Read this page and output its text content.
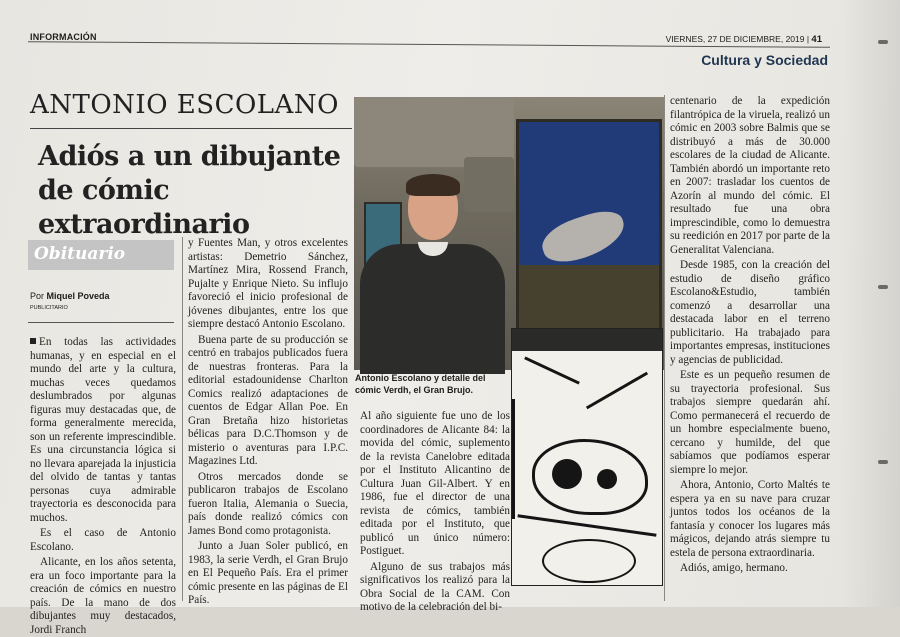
INFORMACIÓN	VIERNES, 27 DE DICIEMBRE, 2019 | 41
Cultura y Sociedad
ANTONIO ESCOLANO
Adiós a un dibujante de cómic extraordinario
Obituario
Por Miquel Poveda
PUBLICITARIO

En todas las actividades humanas, y en especial en el mundo del arte y la cultura, muchas veces quedamos deslumbrados por algunas figuras muy destacadas que, de forma generalmente merecida, son un referente imprescindible. Es una circunstancia lógica si no llevara aparejada la injusticia del olvido de tantas y tantas personas cuya admirable trayectoria es desconocida para muchos.

Es el caso de Antonio Escolano.

Alicante, en los años setenta, era un foco importante para la creación de cómics en nuestro país. De la mano de dos dibujantes muy destacados, Jordi Franch

y Fuentes Man, y otros excelentes artistas: Demetrio Sánchez, Martínez Mira, Rossend Franch, Pujalte y Enrique Nieto. Su influjo favoreció el inicio profesional de jóvenes dibujantes, entre los que siempre destacó Antonio Escolano.

Buena parte de su producción se centró en trabajos publicados fuera de nuestras fronteras. Para la editorial estadounidense Charlton Comics realizó adaptaciones de cuentos de Edgar Allan Poe. En Gran Bretaña hizo historietas bélicas para D.C.Thomson y de misterio o aventuras para I.P.C. Magazines Ltd.

Otros mercados donde se publicaron trabajos de Escolano fueron Italia, Alemania o Suecia, país donde realizó cómics con James Bond como protagonista.

Junto a Juan Soler publicó, en 1983, la serie Verdh, el Gran Brujo en El Pequeño País. Era el primer cómic presente en las páginas de El País.

Antonio Escolano y detalle del cómic Verdh, el Gran Brujo.

Al año siguiente fue uno de los coordinadores de Alicante 84: la movida del cómic, suplemento de la revista Canelobre editada por el Instituto Alicantino de Cultura Juan Gil-Albert. Y en 1986, fue el director de una revista de cómics, también editada por el Instituto, que publicó un único número: Postiguet.

Alguno de sus trabajos más significativos los realizó para la Obra Social de la CAM. Con motivo de la celebración del bi-

centenario de la expedición filantrópica de la viruela, realizó un cómic en 2003 sobre Balmis que se distribuyó a más de 30.000 escolares de la ciudad de Alicante. También abordó un importante reto en 2007: trasladar los cuentos de Azorín al mundo del cómic. El resultado fue una obra imprescindible, como lo demuestra su reedición en 2017 por parte de la Generalitat Valenciana.

Desde 1985, con la creación del estudio de diseño gráfico Escolano&Estudio, también comenzó a desarrollar una destacada labor en el terreno publicitario. Ha trabajado para importantes empresas, instituciones y agencias de publicidad.

Este es un pequeño resumen de su trayectoria profesional. Sus trabajos siempre quedarán ahí. Como permanecerá el recuerdo de un hombre especialmente bueno, cercano y humilde, del que sabíamos que podíamos esperar siempre lo mejor.

Ahora, Antonio, Corto Maltés te espera ya en su nave para cruzar juntos todos los océanos de la fantasía y conocer los lugares más mágicos, dejando atrás siempre tu estela de persona extraordinaria.

Adiós, amigo, hermano.
